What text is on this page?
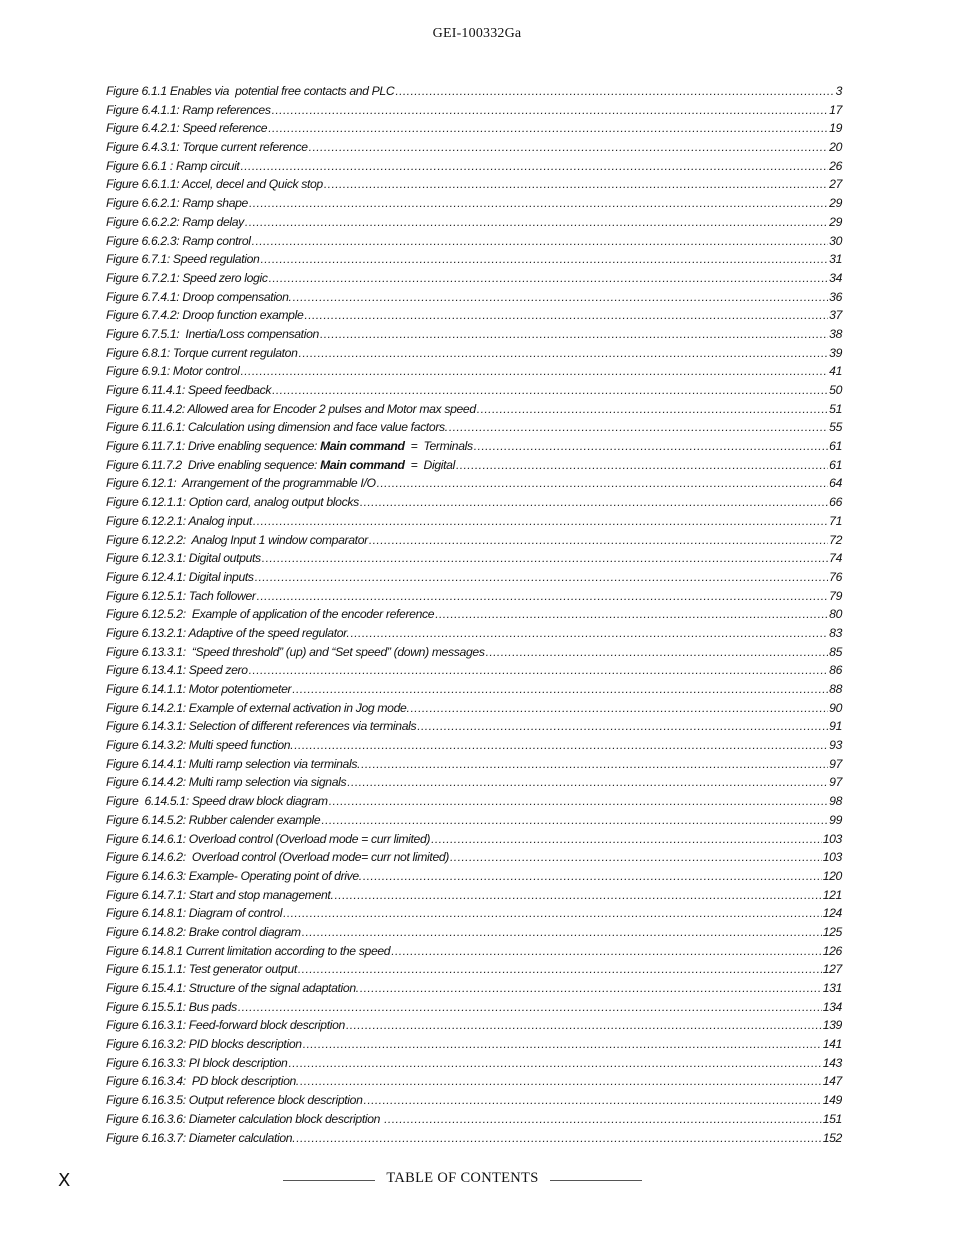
GEI-100332Ga
Figure 6.1.1 Enables via  potential free contacts and PLC .....	3
Figure 6.4.1.1: Ramp references .....	17
Figure 6.4.2.1: Speed reference .....	19
Figure 6.4.3.1: Torque current reference .....	20
Figure 6.6.1 : Ramp circuit .....	26
Figure 6.6.1.1: Accel, decel and Quick stop .....	27
Figure 6.6.2.1: Ramp shape .....	29
Figure 6.6.2.2: Ramp delay .....	29
Figure 6.6.2.3: Ramp control .....	30
Figure 6.7.1: Speed regulation .....	31
Figure 6.7.2.1: Speed zero logic .....	34
Figure 6.7.4.1: Droop compensation. .....	36
Figure 6.7.4.2: Droop function example .....	37
Figure 6.7.5.1:  Inertia/Loss compensation .....	38
Figure 6.8.1: Torque current regulaton .....	39
Figure 6.9.1: Motor control .....	41
Figure 6.11.4.1: Speed feedback .....	50
Figure 6.11.4.2: Allowed area for Encoder 2 pulses and Motor max speed .....	51
Figure 6.11.6.1: Calculation using dimension and face value factors. .....	55
Figure 6.11.7.1: Drive enabling sequence: Main command  =  Terminals .....	61
Figure 6.11.7.2  Drive enabling sequence: Main command  =  Digital .....	61
Figure 6.12.1:  Arrangement of the programmable I/O .....	64
Figure 6.12.1.1: Option card, analog output blocks .....	66
Figure 6.12.2.1: Analog input .....	71
Figure 6.12.2.2:  Analog Input 1 window comparator .....	72
Figure 6.12.3.1: Digital outputs .....	74
Figure 6.12.4.1: Digital inputs .....	76
Figure 6.12.5.1: Tach follower .....	79
Figure 6.12.5.2:  Example of application of the encoder reference .....	80
Figure 6.13.2.1: Adaptive of the speed regulator. .....	83
Figure 6.13.3.1:  “Speed threshold” (up) and “Set speed” (down) messages .....	85
Figure 6.13.4.1: Speed zero .....	86
Figure 6.14.1.1: Motor potentiometer .....	88
Figure 6.14.2.1: Example of external activation in Jog mode. .....	90
Figure 6.14.3.1: Selection of different references via terminals .....	91
Figure 6.14.3.2: Multi speed function. .....	93
Figure 6.14.4.1: Multi ramp selection via terminals. .....	97
Figure 6.14.4.2: Multi ramp selection via signals .....	97
Figure  6.14.5.1: Speed draw block diagram .....	98
Figure 6.14.5.2: Rubber calender example .....	99
Figure 6.14.6.1: Overload control (Overload mode = curr limited) .....	103
Figure 6.14.6.2:  Overload control (Overload mode= curr not limited) .....	103
Figure 6.14.6.3: Example- Operating point of drive. .....	120
Figure 6.14.7.1: Start and stop management. .....	121
Figure 6.14.8.1: Diagram of control .....	124
Figure 6.14.8.2: Brake control diagram .....	125
Figure 6.14.8.1 Current limitation according to the speed .....	126
Figure 6.15.1.1: Test generator output .....	127
Figure 6.15.4.1: Structure of the signal adaptation. .....	131
Figure 6.15.5.1: Bus pads .....	134
Figure 6.16.3.1: Feed-forward block description .....	139
Figure 6.16.3.2: PID blocks description .....	141
Figure 6.16.3.3: PI block description .....	143
Figure 6.16.3.4:  PD block description. .....	147
Figure 6.16.3.5: Output reference block description .....	149
Figure 6.16.3.6: Diameter calculation block description .....	151
Figure 6.16.3.7: Diameter calculation. .....	152
X	TABLE OF CONTENTS
